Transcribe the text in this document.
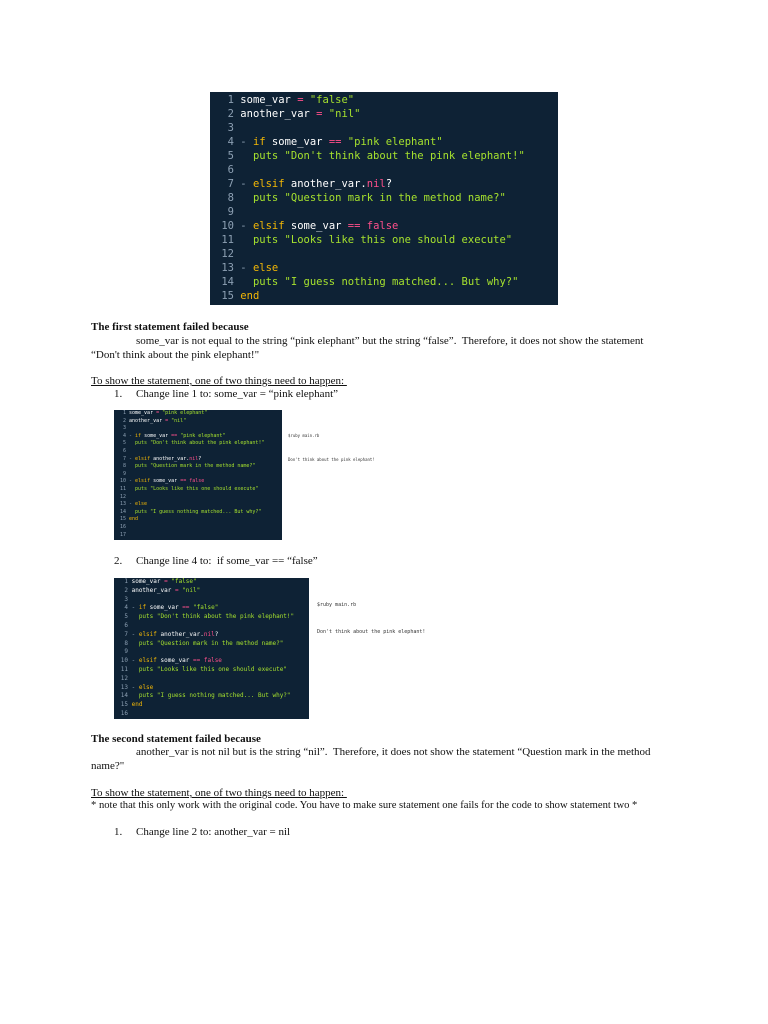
1 some_var = "false"
2 another_var = "nil"
3
4 - if some_var == "pink elephant"
5  puts "Don't think about the pink elephant!"
6
7 - elsif another_var.nil?
8  puts "Question mark in the method name?"
9
10 - elsif some_var == false
11  puts "Looks like this one should execute"
12
13 - else
14  puts "I guess nothing matched... But why?"
15 end
The first statement failed because
some_var is not equal to the string “pink elephant” but the string “false”.  Therefore, it does not show the statement
“Don't think about the pink elephant!"
To show the statement, one of two things need to happen:
1. Change line 1 to: some_var = “pink elephant”
1 some_var = "pink elephant"
2 another_var = "nil"
3
4 - if some_var == "pink elephant"
5  puts "Don't think about the pink elephant!"
6
7 - elsif another_var.nil?
8  puts "Question mark in the method name?"
9
10 - elsif some_var == false
11  puts "Looks like this one should execute"
12
13 - else
14  puts "I guess nothing matched... But why?"
15 end
16
17

$ruby main.rb

Don't think about the pink elephant!

2. Change line 4 to:  if some_var == “false”
1 some_var = "false"
2 another_var = "nil"
3
4 - if some_var == "false"
5  puts "Don't think about the pink elephant!"
6
7 - elsif another_var.nil?
8  puts "Question mark in the method name?"
9
10 - elsif some_var == false
11  puts "Looks like this one should execute"
12
13 - else
14  puts "I guess nothing matched... But why?"
15 end
16

$ruby main.rb

Don't think about the pink elephant!

The second statement failed because
another_var is not nil but is the string “nil”.  Therefore, it does not show the statement “Question mark in the method
name?"
To show the statement, one of two things need to happen:
* note that this only work with the original code. You have to make sure statement one fails for the code to show statement two *
1. Change line 2 to: another_var = nil
